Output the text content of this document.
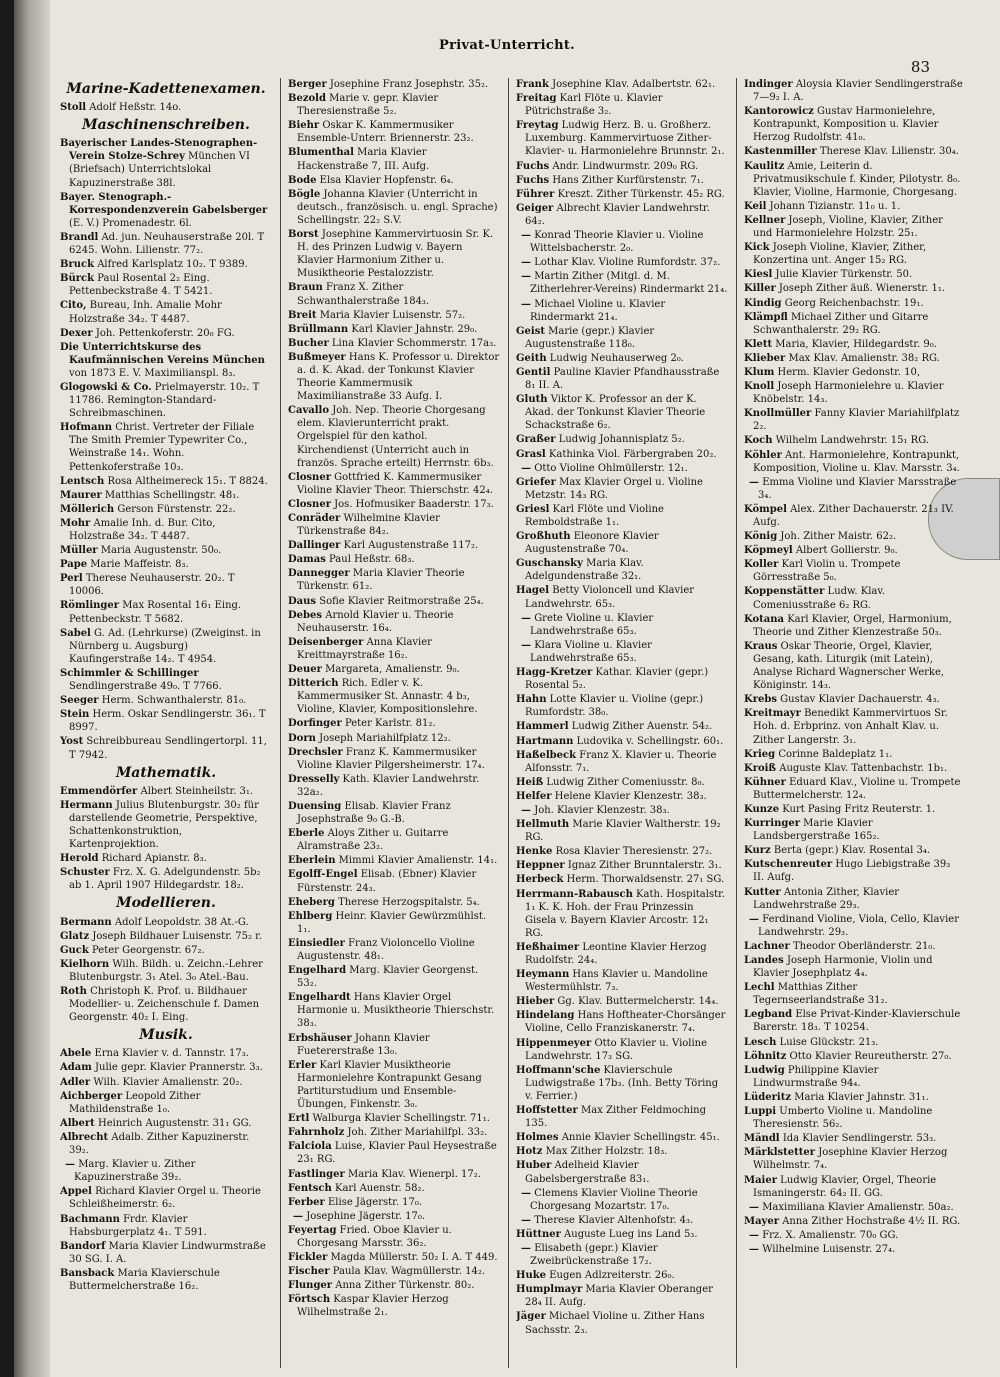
Privat-Unterricht.
83
Marine-Kadettenexamen.
Stoll Adolf Heßstr. 14o.
Maschinenschreiben.
Bayerischer Landes-Stenographen-Verein Stolze-Schrey München VI (Briefsach) Unterrichtslokal Kapuzinerstraße 38l.
Bayer. Stenograph.-Korrespondenzverein Gabelsberger (E. V.) Promenadestr. 6l.
Brandl Ad. jun. Neuhauserstraße 20l. T 6245. Wohn. Lilienstr. 77₂.
Bruck Alfred Karlsplatz 10₂. T 9389.
Bürck Paul Rosental 2₂ Eing. Pettenbeckstraße 4. T 5421.
Cito, Bureau, Inh. Amalie Mohr Holzstraße 34₂. T 4487.
Dexer Joh. Pettenkoferstr. 20₀ FG.
Die Unterrichtskurse des Kaufmännischen Vereins München von 1873 E. V. Maximilianspl. 8₃.
Glogowski & Co. Prielmayerstr. 10₂. T 11786. Remington-Standard-Schreibmaschinen.
Hofmann Christ. Vertreter der Filiale The Smith Premier Typewriter Co., Weinstraße 14₁. Wohn. Pettenkoferstraße 10₃.
Lentsch Rosa Altheimereck 15₁. T 8824.
Maurer Matthias Schellingstr. 48₁.
Möllerich Gerson Fürstenstr. 22₂.
Mohr Amalie Inh. d. Bur. Cito, Holzstraße 34₂. T 4487.
Müller Maria Augustenstr. 50₀.
Pape Marie Maffeistr. 8₃.
Perl Therese Neuhauserstr. 20₂. T 10006.
Römlinger Max Rosental 16₁ Eing. Pettenbeckstr. T 5682.
Sabel G. Ad. (Lehrkurse) (Zweiginst. in Nürnberg u. Augsburg) Kaufingerstraße 14₂. T 4954.
Schimmler & Schillinger Sendlingerstraße 49₀. T 7766.
Seeger Herm. Schwanthalerstr. 81₀.
Stein Herm. Oskar Sendlingerstr. 36₁. T 8997.
Yost Schreibbureau Sendlingertorpl. 11, T 7942.
Mathematik.
Emmendörfer Albert Steinheilstr. 3₁.
Hermann Julius Blutenburgstr. 30₂ für darstellende Geometrie, Perspektive, Schattenkonstruktion, Kartenprojektion.
Herold Richard Apianstr. 8₃.
Schuster Frz. X. G. Adelgundenstr. 5b₂ ab 1. April 1907 Hildegardstr. 18₂.
Modellieren.
Bermann Adolf Leopoldstr. 38 At.-G.
Glatz Joseph Bildhauer Luisenstr. 75₂ r.
Guck Peter Georgenstr. 67₂.
Kielhorn Wilh. Bildh. u. Zeichn.-Lehrer Blutenburgstr. 3₁ Atel. 3₀ Atel.-Bau.
Roth Christoph K. Prof. u. Bildhauer Modellier- u. Zeichenschule f. Damen Georgenstr. 40₂ I. Eing.
Musik.
Abele Erna Klavier v. d. Tannstr. 17₃.
Adam Julie gepr. Klavier Prannerstr. 3₃.
Adler Wilh. Klavier Amalienstr. 20₂.
Aichberger Leopold Zither Mathildenstraße 1₀.
Albert Heinrich Augustenstr. 31₁ GG.
Albrecht Adalb. Zither Kapuzinerstr. 39₂.
— Marg. Klavier u. Zither Kapuzinerstraße 39₂.
Appel Richard Klavier Orgel u. Theorie Schleißheimerstr. 6₂.
Bachmann Frdr. Klavier Habsburgerplatz 4₁. T 591.
Bandorf Maria Klavier Lindwurmstraße 30 SG. I. A.
Bansback Maria Klavierschule Buttermelcherstraße 16₂.
Berger Josephine Franz Josephstr. 35₂.
Bezold Marie v. gepr. Klavier Theresienstraße 5₂.
Biehr Oskar K. Kammermusiker Ensemble-Unterr. Briennerstr. 23₂.
Blumenthal Maria Klavier Hackenstraße 7, III. Aufg.
Bode Elsa Klavier Hopfenstr. 6₄.
Bögle Johanna Klavier (Unterricht in deutsch., französisch. u. engl. Sprache) Schellingstr. 22₂ S.V.
Borst Josephine Kammervirtuosin Sr. K. H. des Prinzen Ludwig v. Bayern Klavier Harmonium Zither u. Musiktheorie Pestalozzistr.
Braun Franz X. Zither Schwanthalerstraße 184₃.
Breit Maria Klavier Luisenstr. 57₂.
Brüllmann Karl Klavier Jahnstr. 29₀.
Bucher Lina Klavier Schommerstr. 17a₃.
Bußmeyer Hans K. Professor u. Direktor a. d. K. Akad. der Tonkunst Klavier Theorie Kammermusik Maximilianstraße 33 Aufg. I.
Cavallo Joh. Nep. Theorie Chorgesang elem. Klavierunterricht prakt. Orgelspiel für den kathol. Kirchendienst (Unterricht auch in französ. Sprache erteilt) Herrnstr. 6b₃.
Closner Gottfried K. Kammermusiker Violine Klavier Theor. Thierschstr. 42₄.
Closner Jos. Hofmusiker Baaderstr. 17₃.
Conräder Wilhelmine Klavier Türkenstraße 84₂.
Dallinger Karl Augustenstraße 117₂.
Damas Paul Heßstr. 68₃.
Dannegger Maria Klavier Theorie Türkenstr. 61₂.
Daus Sofie Klavier Reitmorstraße 25₄.
Debes Arnold Klavier u. Theorie Neuhauserstr. 16₄.
Deisenberger Anna Klavier Kreittmayrstraße 16₂.
Deuer Margareta, Amalienstr. 9₀.
Ditterich Rich. Edler v. K. Kammermusiker St. Annastr. 4 b₃, Violine, Klavier, Kompositionslehre.
Dorfinger Peter Karlstr. 81₂.
Dorn Joseph Mariahilfplatz 12₂.
Drechsler Franz K. Kammermusiker Violine Klavier Pilgersheimerstr. 17₄.
Dresselly Kath. Klavier Landwehrstr. 32a₂.
Duensing Elisab. Klavier Franz Josephstraße 9₀ G.-B.
Eberle Aloys Zither u. Guitarre Alramstraße 23₂.
Eberlein Mimmi Klavier Amalienstr. 14₁.
Egolff-Engel Elisab. (Ebner) Klavier Fürstenstr. 24₃.
Eheberg Therese Herzogspitalstr. 5₄.
Ehlberg Heinr. Klavier Gewürzmühlst. 1₁.
Einsiedler Franz Violoncello Violine Augustenstr. 48₁.
Engelhard Marg. Klavier Georgenst. 53₂.
Engelhardt Hans Klavier Orgel Harmonie u. Musiktheorie Thierschstr. 38₃.
Erbshäuser Johann Klavier Fuetererstraße 13₀.
Erler Karl Klavier Musiktheorie Harmonielehre Kontrapunkt Gesang Partiturstudium und Ensemble-Übungen, Finkenstr. 3₀.
Ertl Walburga Klavier Schellingstr. 71₁.
Fahrnholz Joh. Zither Mariahilfpl. 33₂.
Falciola Luise, Klavier Paul Heysestraße 23₁ RG.
Fastlinger Maria Klav. Wienerpl. 17₂.
Fentsch Karl Auenstr. 58₂.
Ferber Elise Jägerstr. 17₀.
— Josephine Jägerstr. 17₀.
Feyertag Fried. Oboe Klavier u. Chorgesang Marsstr. 36₂.
Fickler Magda Müllerstr. 50₂ I. A. T 449.
Fischer Paula Klav. Wagmüllerstr. 14₂.
Flunger Anna Zither Türkenstr. 80₂.
Förtsch Kaspar Klavier Herzog Wilhelmstraße 2₁.
Frank Josephine Klav. Adalbertstr. 62₁.
Freitag Karl Flöte u. Klavier Pütrichstraße 3₂.
Freytag Ludwig Herz. B. u. Großherz. Luxemburg. Kammervirtuose Zither-Klavier- u. Harmonielehre Brunnstr. 2₁.
Fuchs Andr. Lindwurmstr. 209₀ RG.
Fuchs Hans Zither Kurfürstenstr. 7₁.
Führer Kreszt. Zither Türkenstr. 45₂ RG.
Geiger Albrecht Klavier Landwehrstr. 64₂.
— Konrad Theorie Klavier u. Violine Wittelsbacherstr. 2₀.
— Lothar Klav. Violine Rumfordstr. 37₂.
— Martin Zither (Mitgl. d. M. Zitherlehrer-Vereins) Rindermarkt 21₄.
— Michael Violine u. Klavier Rindermarkt 21₄.
Geist Marie (gepr.) Klavier Augustenstraße 118₀.
Geith Ludwig Neuhauserweg 2₀.
Gentil Pauline Klavier Pfandhausstraße 8₁ II. A.
Gluth Viktor K. Professor an der K. Akad. der Tonkunst Klavier Theorie Schackstraße 6₂.
Graßer Ludwig Johannisplatz 5₂.
Grasl Kathinka Viol. Färbergraben 20₂.
— Otto Violine Ohlmüllerstr. 12₁.
Griefer Max Klavier Orgel u. Violine Metzstr. 14₃ RG.
Griesl Karl Flöte und Violine Remboldstraße 1₁.
Großhuth Eleonore Klavier Augustenstraße 70₄.
Guschansky Maria Klav. Adelgundenstraße 32₁.
Hagel Betty Violoncell und Klavier Landwehrstr. 65₃.
— Grete Violine u. Klavier Landwehrstraße 65₃.
— Klara Violine u. Klavier Landwehrstraße 65₃.
Hagg-Kretzer Kathar. Klavier (gepr.) Rosental 5₂.
Hahn Lotte Klavier u. Violine (gepr.) Rumfordstr. 38₀.
Hammerl Ludwig Zither Auenstr. 54₂.
Hartmann Ludovika v. Schellingstr. 60₁.
Haßelbeck Franz X. Klavier u. Theorie Alfonsstr. 7₁.
Heiß Ludwig Zither Comeniusstr. 8₀.
Helfer Helene Klavier Klenzestr. 38₃.
— Joh. Klavier Klenzestr. 38₃.
Hellmuth Marie Klavier Waltherstr. 19₂ RG.
Henke Rosa Klavier Theresienstr. 27₂.
Heppner Ignaz Zither Brunntalerstr. 3₁.
Herbeck Herm. Thorwaldsenstr. 27₁ SG.
Herrmann-Rabausch Kath. Hospitalstr. 1₁ K. K. Hoh. der Frau Prinzessin Gisela v. Bayern Klavier Arcostr. 12₁ RG.
Heßhaimer Leontine Klavier Herzog Rudolfstr. 24₄.
Heymann Hans Klavier u. Mandoline Westermühlstr. 7₃.
Hieber Gg. Klav. Buttermelcherstr. 14₄.
Hindelang Hans Hoftheater-Chorsänger Violine, Cello Franziskanerstr. 7₄.
Hippenmeyer Otto Klavier u. Violine Landwehrstr. 17₃ SG.
Hoffmann'sche Klavierschule Ludwigstraße 17b₃. (Inh. Betty Töring v. Ferrier.)
Hoffstetter Max Zither Feldmoching 135.
Holmes Annie Klavier Schellingstr. 45₁.
Hotz Max Zither Holzstr. 18₃.
Huber Adelheid Klavier Gabelsbergerstraße 83₁.
— Clemens Klavier Violine Theorie Chorgesang Mozartstr. 17₀.
— Therese Klavier Altenhofstr. 4₃.
Hüttner Auguste Lueg ins Land 5₃.
— Elisabeth (gepr.) Klavier Zweibrückenstraße 17₂.
Huke Eugen Adlzreiterstr. 26₀.
Humplmayr Maria Klavier Oberanger 28₄ II. Aufg.
Jäger Michael Violine u. Zither Hans Sachsstr. 2₃.
Indinger Aloysia Klavier Sendlingerstraße 7—9₂ I. A.
Kantorowicz Gustav Harmonielehre, Kontrapunkt, Komposition u. Klavier Herzog Rudolfstr. 41₀.
Kastenmiller Therese Klav. Lilienstr. 30₄.
Kaulitz Amie, Leiterin d. Privatmusikschule f. Kinder, Pilotystr. 8₀. Klavier, Violine, Harmonie, Chorgesang.
Keil Johann Tizianstr. 11₀ u. 1.
Kellner Joseph, Violine, Klavier, Zither und Harmonielehre Holzstr. 25₁.
Kick Joseph Violine, Klavier, Zither, Konzertina unt. Anger 15₂ RG.
Kiesl Julie Klavier Türkenstr. 50.
Killer Joseph Zither äuß. Wienerstr. 1₁.
Kindig Georg Reichenbachstr. 19₁.
Klämpfl Michael Zither und Gitarre Schwanthalerstr. 29₂ RG.
Klett Maria, Klavier, Hildegardstr. 9₀.
Klieber Max Klav. Amalienstr. 38₂ RG.
Klum Herm. Klavier Gedonstr. 10,
Knoll Joseph Harmonielehre u. Klavier Knöbelstr. 14₃.
Knollmüller Fanny Klavier Mariahilfplatz 2₂.
Koch Wilhelm Landwehrstr. 15₁ RG.
Köhler Ant. Harmonielehre, Kontrapunkt, Komposition, Violine u. Klav. Marsstr. 3₄.
— Emma Violine und Klavier Marsstraße 3₄.
Kömpel Alex. Zither Dachauerstr. 21₃ IV. Aufg.
König Joh. Zither Maistr. 62₂.
Köpmeyl Albert Gollierstr. 9₀.
Koller Karl Violin u. Trompete Görresstraße 5₀.
Koppenstätter Ludw. Klav. Comeniusstraße 6₂ RG.
Kotana Karl Klavier, Orgel, Harmonium, Theorie und Zither Klenzestraße 50₃.
Kraus Oskar Theorie, Orgel, Klavier, Gesang, kath. Liturgik (mit Latein), Analyse Richard Wagnerscher Werke, Königinstr. 14₃.
Krebs Gustav Klavier Dachauerstr. 4₃.
Kreitmayr Benedikt Kammervirtuos Sr. Hoh. d. Erbprinz. von Anhalt Klav. u. Zither Langerstr. 3₁.
Krieg Corinne Baldeplatz 1₁.
Kroiß Auguste Klav. Tattenbachstr. 1b₁.
Kühner Eduard Klav., Violine u. Trompete Buttermelcherstr. 12₄.
Kunze Kurt Pasing Fritz Reuterstr. 1.
Kurringer Marie Klavier Landsbergerstraße 165₂.
Kurz Berta (gepr.) Klav. Rosental 3₄.
Kutschenreuter Hugo Liebigstraße 39₃ II. Aufg.
Kutter Antonia Zither, Klavier Landwehrstraße 29₃.
— Ferdinand Violine, Viola, Cello, Klavier Landwehrstr. 29₃.
Lachner Theodor Oberländerstr. 21₀.
Landes Joseph Harmonie, Violin und Klavier Josephplatz 4₄.
Lechl Matthias Zither Tegernseerlandstraße 31₂.
Legband Else Privat-Kinder-Klavierschule Barerstr. 18₃. T 10254.
Lesch Luise Glückstr. 21₃.
Löhnitz Otto Klavier Reureutherstr. 27₀.
Ludwig Philippine Klavier Lindwurmstraße 94₄.
Lüderitz Maria Klavier Jahnstr. 31₁.
Luppi Umberto Violine u. Mandoline Theresienstr. 56₂.
Mändl Ida Klavier Sendlingerstr. 53₃.
Märklstetter Josephine Klavier Herzog Wilhelmstr. 7₄.
Maier Ludwig Klavier, Orgel, Theorie Ismaningerstr. 64₂ II. GG.
— Maximiliana Klavier Amalienstr. 50a₂.
Mayer Anna Zither Hochstraße 4½ II. RG.
— Frz. X. Amalienstr. 70₀ GG.
— Wilhelmine Luisenstr. 27₄.
